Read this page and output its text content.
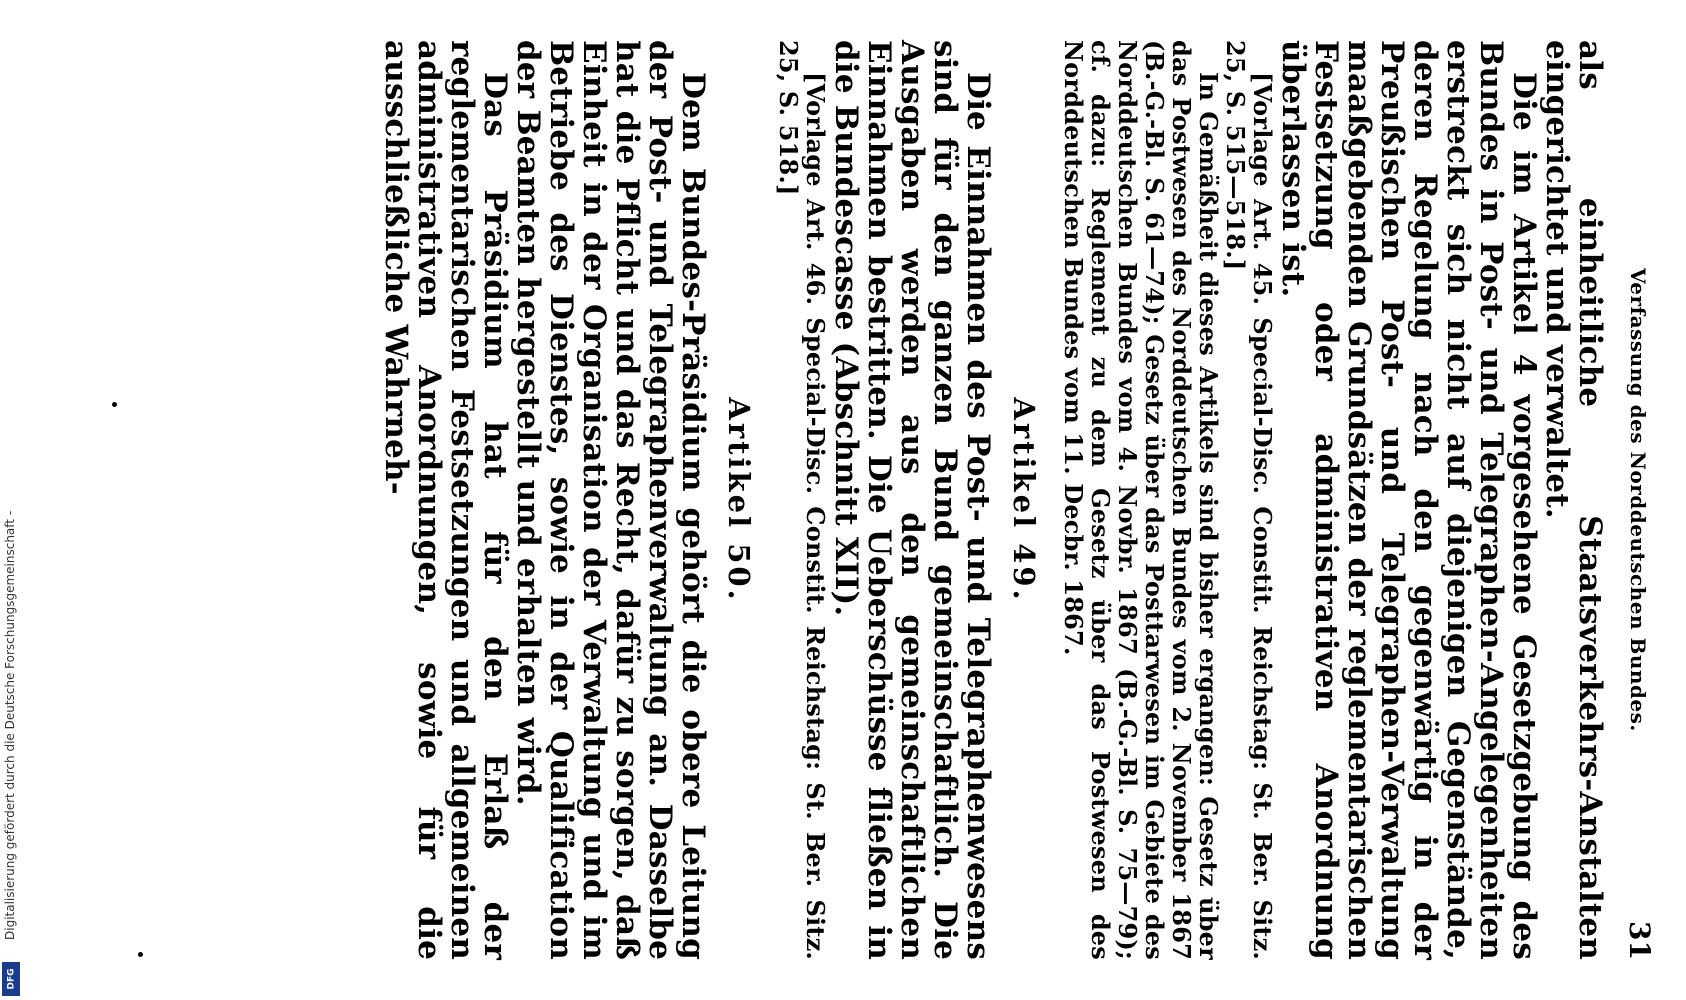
Digitalisierung gefördert durch die Deutsche Forschungsgemeinschaft -
DFG
Verfassung des Norddeutschen Bundes.
31

als einheitliche Staatsverkehrs-Anstalten eingerichtet und verwaltet.

Die im Artikel 4 vorgesehene Gesetzgebung des Bundes in Post- und Telegraphen-Angelegenheiten erstreckt sich nicht auf diejenigen Gegenstände, deren Regelung nach den gegenwärtig in der Preußischen Post- und Telegraphen-Verwaltung maaßgebenden Grundsätzen der reglementarischen Festsetzung oder administrativen Anordnung überlassen ist.

[Vorlage Art. 45. Special-Disc. Constit. Reichstag: St. Ber. Sitz. 25, S. 515—518.]

In Gemäßheit dieses Artikels sind bisher ergangen: Gesetz über das Postwesen des Norddeutschen Bundes vom 2. November 1867 (B.-G.-Bl. S. 61—74); Gesetz über das Posttarwesen im Gebiete des Norddeutschen Bundes vom 4. Novbr. 1867 (B.-G.-Bl. S. 75—79); cf. dazu: Reglement zu dem Gesetz über das Postwesen des Norddeutschen Bundes vom 11. Decbr. 1867.

Artikel 49.

Die Einnahmen des Post- und Telegraphenwesens sind für den ganzen Bund gemeinschaftlich. Die Ausgaben werden aus den gemeinschaftlichen Einnahmen bestritten. Die Ueberschüsse fließen in die Bundescasse (Abschnitt XII).

[Vorlage Art. 46. Special-Disc. Constit. Reichstag: St. Ber. Sitz. 25, S. 518.]

Artikel 50.

Dem Bundes-Präsidium gehört die obere Leitung der Post- und Telegraphenverwaltung an. Dasselbe hat die Pflicht und das Recht, dafür zu sorgen, daß Einheit in der Organisation der Verwaltung und im Betriebe des Dienstes, sowie in der Qualification der Beamten hergestellt und erhalten wird.

Das Präsidium hat für den Erlaß der reglementarischen Festsetzungen und allgemeinen administrativen Anordnungen, sowie für die ausschließliche Wahrneh-
